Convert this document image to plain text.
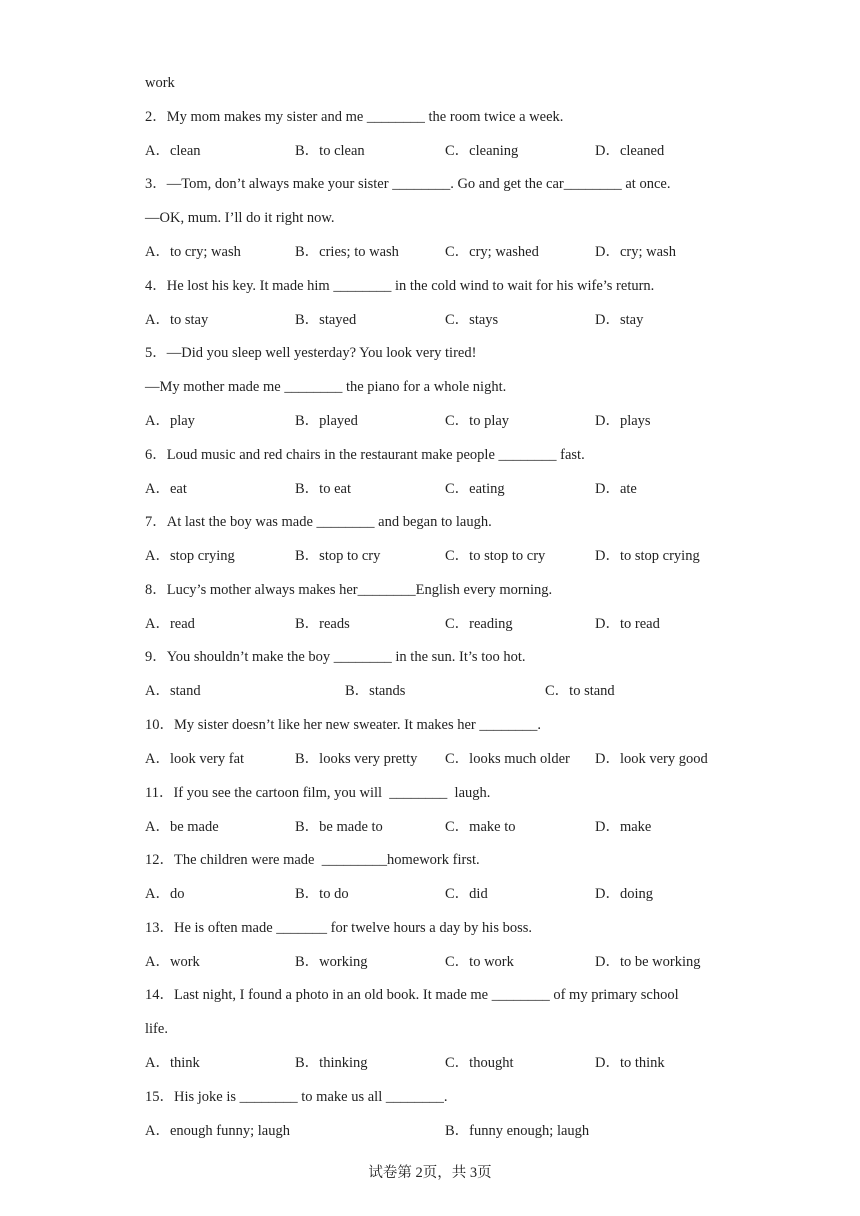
work
2．My mom makes my sister and me ________ the room twice a week.
3．—Tom, don’t always make your sister ________. Go and get the car________ at once.
—OK, mum. I’ll do it right now.
4．He lost his key. It made him ________ in the cold wind to wait for his wife’s return.
5．—Did you sleep well yesterday? You look very tired!
—My mother made me ________ the piano for a whole night.
6．Loud music and red chairs in the restaurant make people ________ fast.
7．At last the boy was made ________ and began to laugh.
8．Lucy’s mother always makes her________English every morning.
9．You shouldn’t make the boy ________ in the sun. It’s too hot.
10．My sister doesn’t like her new sweater. It makes her ________.
11．If you see the cartoon film, you will  ________  laugh.
12．The children were made  _________homework first.
13．He is often made _______ for twelve hours a day by his boss.
14．Last night, I found a photo in an old book. It made me ________ of my primary school
life.
15．His joke is ________ to make us all ________.
A．clean	B．to clean	C．cleaning	D．cleaned
A．to cry; wash	B．cries; to wash	C．cry; washed	D．cry; wash
A．to stay	B．stayed	C．stays	D．stay
A．play	B．played	C．to play	D．plays
A．eat	B．to eat	C．eating	D．ate
A．stop crying	B．stop to cry	C．to stop to cry	D．to stop crying
A．read	B．reads	C．reading	D．to read
A．stand	B．stands	C．to stand
A．look very fat	B．looks very pretty C．looks much older D．look very good
A．be made	B．be made to	C．make to	D．make
A．do	B．to do	C．did	D．doing
A．work	B．working	C．to work	D．to be working
A．think	B．thinking	C．thought	D．to think
A．enough funny; laugh	B．funny enough; laugh
试卷第 2页，共 3页
